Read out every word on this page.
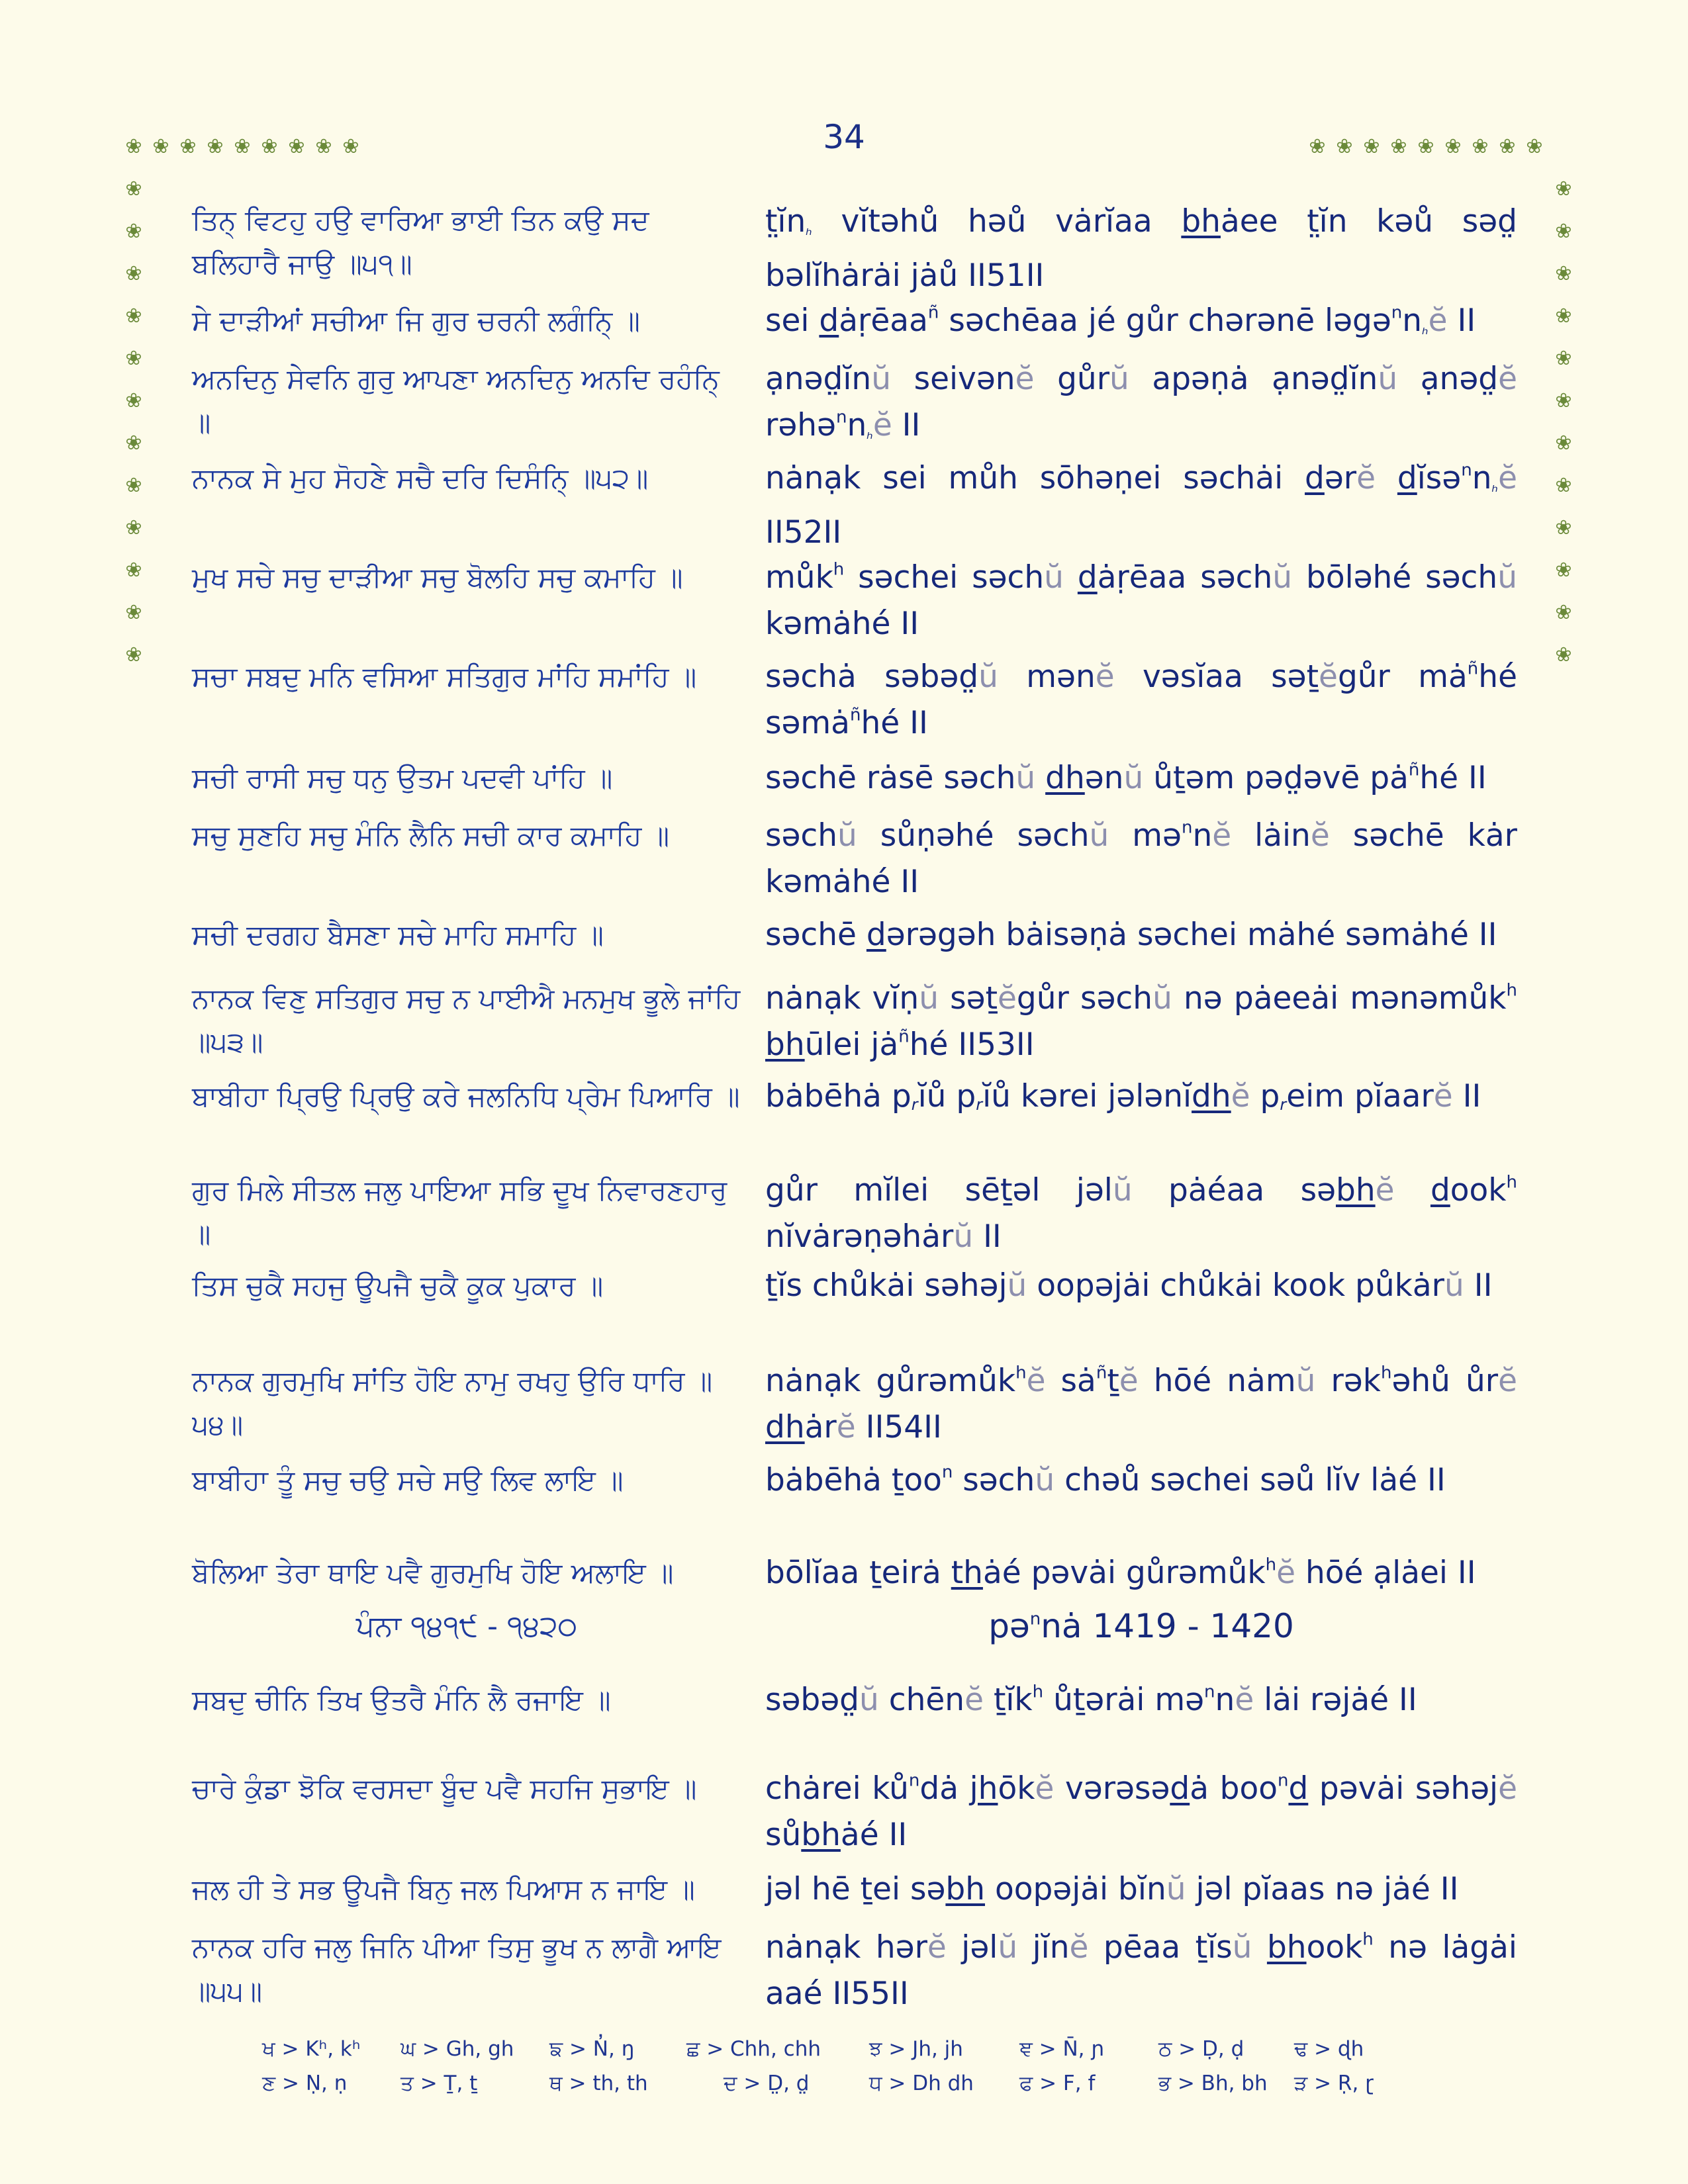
34
❀ ❀ ❀ ❀ ❀ ❀ ❀ ❀ ❀	❀ ❀ ❀ ❀ ❀ ❀ ❀ ❀ ❀
❀
❀
❀
❀
❀
❀
❀
❀
❀
❀
❀
❀
❀
❀
❀
❀
❀
❀
❀
❀
❀
❀
❀
❀
ਤਿਨ੍ ਵਿਟਹੁ ਹਉ ਵਾਰਿਆ ਭਾਈ ਤਿਨ ਕਉ ਸਦ ਬਲਿਹਾਰੈ ਜਾਉ ॥੫੧॥
t̤ĭnₕ vĭtəhů həů vȧrĭaa bhȧee t̤ĭn kəů səd̤ bəlĭhȧrȧi jȧů II51II
ਸੇ ਦਾੜੀਆਂ ਸਚੀਆ ਜਿ ਗੁਰ ਚਰਨੀ ਲਗੰਨਿ੍ ॥	sei dȧṛēaa$^ñ$ səchēaa jé gůr chərənē ləgə$^n$nₕĕ II
ਅਨਦਿਨੁ ਸੇਵਨਿ ਗੁਰੁ ਆਪਣਾ ਅਨਦਿਨੁ ਅਨਦਿ ਰਹੰਨਿ੍ ॥
ạnəd̤ĭnŭ seivənĕ gůrŭ apəṇȧ ạnəd̤ĭnŭ ạnəd̤ĕ rəhə$^n$nₕĕ II
ਨਾਨਕ ਸੇ ਮੁਹ ਸੋਹਣੇ ਸਚੈ ਦਰਿ ਦਿਸੰਨਿ੍ ॥੫੨॥	nȧnạk sei můh sōhəṇei səchȧi dərĕ dĭsə$^n$nₕĕ II52II
ਮੁਖ ਸਚੇ ਸਚੁ ਦਾੜੀਆ ਸਚੁ ਬੋਲਹਿ ਸਚੁ ਕਮਾਹਿ ॥	můk$^h$ səchei səchŭ dȧṛēaa səchŭ bōləhé səchŭ kəmȧhé II
ਸਚਾ ਸਬਦੁ ਮਨਿ ਵਸਿਆ ਸਤਿਗੁਰ ਮਾਂਹਿ ਸਮਾਂਹਿ ॥	səchȧ səbəd̤ŭ mənĕ vəsĭaa səṯĕgůr $mȧ^ñhé$ səmȧ$^ñ$hé II
ਸਚੀ ਰਾਸੀ ਸਚੁ ਧਨੁ ਉਤਮ ਪਦਵੀ ਪਾਂਹਿ ॥	səchē rȧsē səchŭ dhənŭ ůṯəm pəd̤əvē $pȧ^ñhé$ II
ਸਚੁ ਸੁਣਹਿ ਸਚੁ ਮੰਨਿ ਲੈਨਿ ਸਚੀ ਕਾਰ ਕਮਾਹਿ ॥	səchŭ sůṇəhé səchŭ mə$^n$nĕ lȧinĕ səchē kȧr kəmȧhé II
ਸਚੀ ਦਰਗਹ ਬੈਸਣਾ ਸਚੇ ਮਾਹਿ ਸਮਾਹਿ ॥	səchē dərəgəh bȧisəṇȧ səchei mȧhé səmȧhé II
ਨਾਨਕ ਵਿਣੁ ਸਤਿਗੁਰ ਸਚੁ ਨ ਪਾਈਐ ਮਨਮੁਖ ਭੂਲੇ ਜਾਂਹਿ ॥੫੩॥
nȧnạk vĭṇŭ səṯĕgůr səchŭ nə pȧeeȧi mənəmůk$^h$ bhūlei $jȧ^ñhé$ II53II
ਬਾਬੀਹਾ ਪ੍ਰਿਉ ਪ੍ਰਿਉ ਕਰੇ ਜਲਨਿਧਿ ਪ੍ਰੇਮ ਪਿਆਰਿ ॥ bȧbēhȧ prĭů prĭů kərei jələnĭdhĕ preim pĭaarĕ II
ਗੁਰ ਮਿਲੇ ਸੀਤਲ ਜਲੁ ਪਾਇਆ ਸਭਿ ਦੂਖ ਨਿਵਾਰਣਹਾਰੁ ॥
gůr mĭlei sēṯəl jəlŭ pȧéaa səbhĕ dook$^h$ nĭvȧrəṇəhȧrŭ II
ਤਿਸ ਚੁਕੈ ਸਹਜੁ ਊਪਜੈ ਚੁਕੈ ਕੂਕ ਪੁਕਾਰ ॥	ṯĭs chůkȧi səhəjŭ oopəjȧi chůkȧi kook půkȧrŭ II
ਨਾਨਕ ਗੁਰਮੁਖਿ ਸਾਂਤਿ ਹੋਇ ਨਾਮੁ ਰਖਹੁ ਉਰਿ ਧਾਰਿ ॥੫੪॥
nȧnạk gůrəmůk$^h$ĕ $sȧ^ñṯĕ$ hōé nȧmŭ rək$^h$əhů ůrĕ dhȧrĕ II54II
ਬਾਬੀਹਾ ਤੂੰ ਸਚੁ ਚਉ ਸਚੇ ਸਉ ਲਿਵ ਲਾਇ ॥	bȧbēhȧ ṯoo$^n$ səchŭ chəů səchei səů lĭv lȧé II
ਬੋਲਿਆ ਤੇਰਾ ਥਾਇ ਪਵੈ ਗੁਰਮੁਖਿ ਹੋਇ ਅਲਾਇ ॥	bōlĭaa ṯeirȧ thȧé pəvȧi gůrəmůk$^h$ĕ hōé ạlȧei II
ਪੰਨਾ ੧੪੧੯ - ੧੪੨੦	pə$^n$nȧ 1419 - 1420
ਸਬਦੁ ਚੀਨਿ ਤਿਖ ਉਤਰੈ ਮੰਨਿ ਲੈ ਰਜਾਇ ॥	səbəd̤ŭ chēnĕ ṯĭk$^h$ ůṯərȧi mə$^n$nĕ lȧi rəjȧé II
ਚਾਰੇ ਕੁੰਡਾ ਝੋਕਿ ਵਰਸਦਾ ਬੂੰਦ ਪਵੈ ਸਹਜਿ ਸੁਭਾਇ ॥	chȧrei $ků^ndȧ$ jhōkĕ vərəsədȧ boo$^n$d pəvȧi səhəjĕ sůbhȧé II
ਜਲ ਹੀ ਤੇ ਸਭ ਊਪਜੈ ਬਿਨੁ ਜਲ ਪਿਆਸ ਨ ਜਾਇ ॥	jəl hē ṯei səbh oopəjȧi bĭnŭ jəl pĭaas nə jȧé II
ਨਾਨਕ ਹਰਿ ਜਲੁ ਜਿਨਿ ਪੀਆ ਤਿਸੁ ਭੂਖ ਨ ਲਾਗੈ ਆਇ ॥੫੫॥
nȧnạk hərĕ jəlŭ jĭnĕ pēaa ṯĭsŭ bhook$^h$ nə lȧgȧi aaé II55II
ਖ > Kʰ, kʰ ਘ > Gh, gh ਙ > N̓, ŋ	ਛ > Chh, chh ਝ > Jh, jh	ਞ > N̄, ɲ	ਠ > Ḍ, ḍ ਢ > ɖh
ਣ > Ṇ, ṇ	ਤ > Ṯ, ṯ	ਥ > th, th	ਦ > D̤, d̤	ਧ > Dh dh ਫ > F, f	ਭ > Bh, bh ੜ > Ṛ, ɽ
